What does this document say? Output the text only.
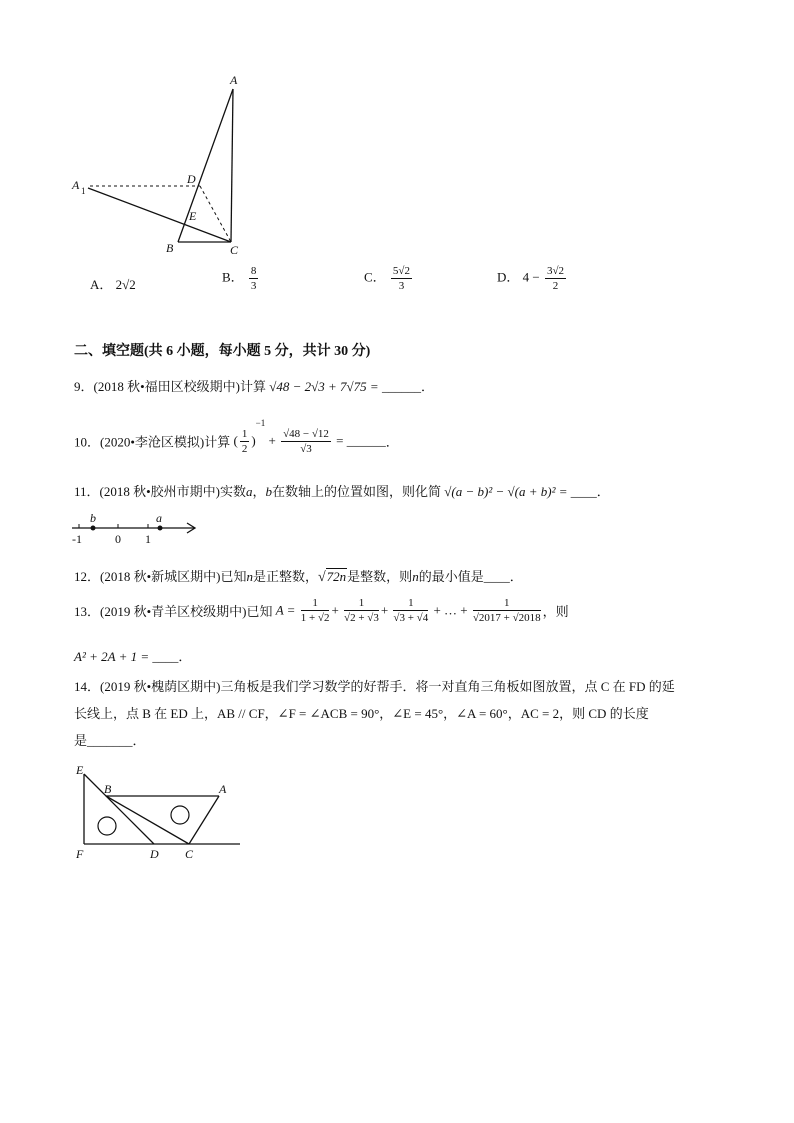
A
A 1
D
E
B	C
A． 2√2
B． $\frac{8}{3}$	C． $\frac{5√2}{3}$	D． $4 - \frac{3√2}{2}$
二、填空题(共 6 小题，每小题 5 分，共计 30 分)
9．(2018 秋•福田区校级期中)计算 √48 − 2√3 + 7√75 = ______．
10．(2020•李沧区模拟)计算 ( $\frac{1}{2} )^{-1} + \frac{√48 - √12}{√3}$ = ______．
11．(2018 秋•胶州市期中)实数a，b在数轴上的位置如图，则化简 √(a − b)² − √(a + b)² = ____．
b	a
-1	0 1
12．(2018 秋•新城区期中)已知n是正整数，√72n是整数，则n的最小值是____．
13．(2019 秋•青羊区校级期中)已知 $A = \frac{1}{1 + √2} + \frac{1}{√2 + √3} + \frac{1}{√3 + √4}$ + … + $\frac{1}{√2017 + √2018}$ ，则
A² + 2A + 1 = ____．
14．(2019 秋•槐荫区期中)三角板是我们学习数学的好帮手．将一对直角三角板如图放置，点 C 在 FD 的延
长线上，点 B 在 ED 上，AB // CF，∠F = ∠ACB = 90°，∠E = 45°，∠A = 60°，AC = 2，则 CD 的长度
是_______．
E
B	A
F	D C
